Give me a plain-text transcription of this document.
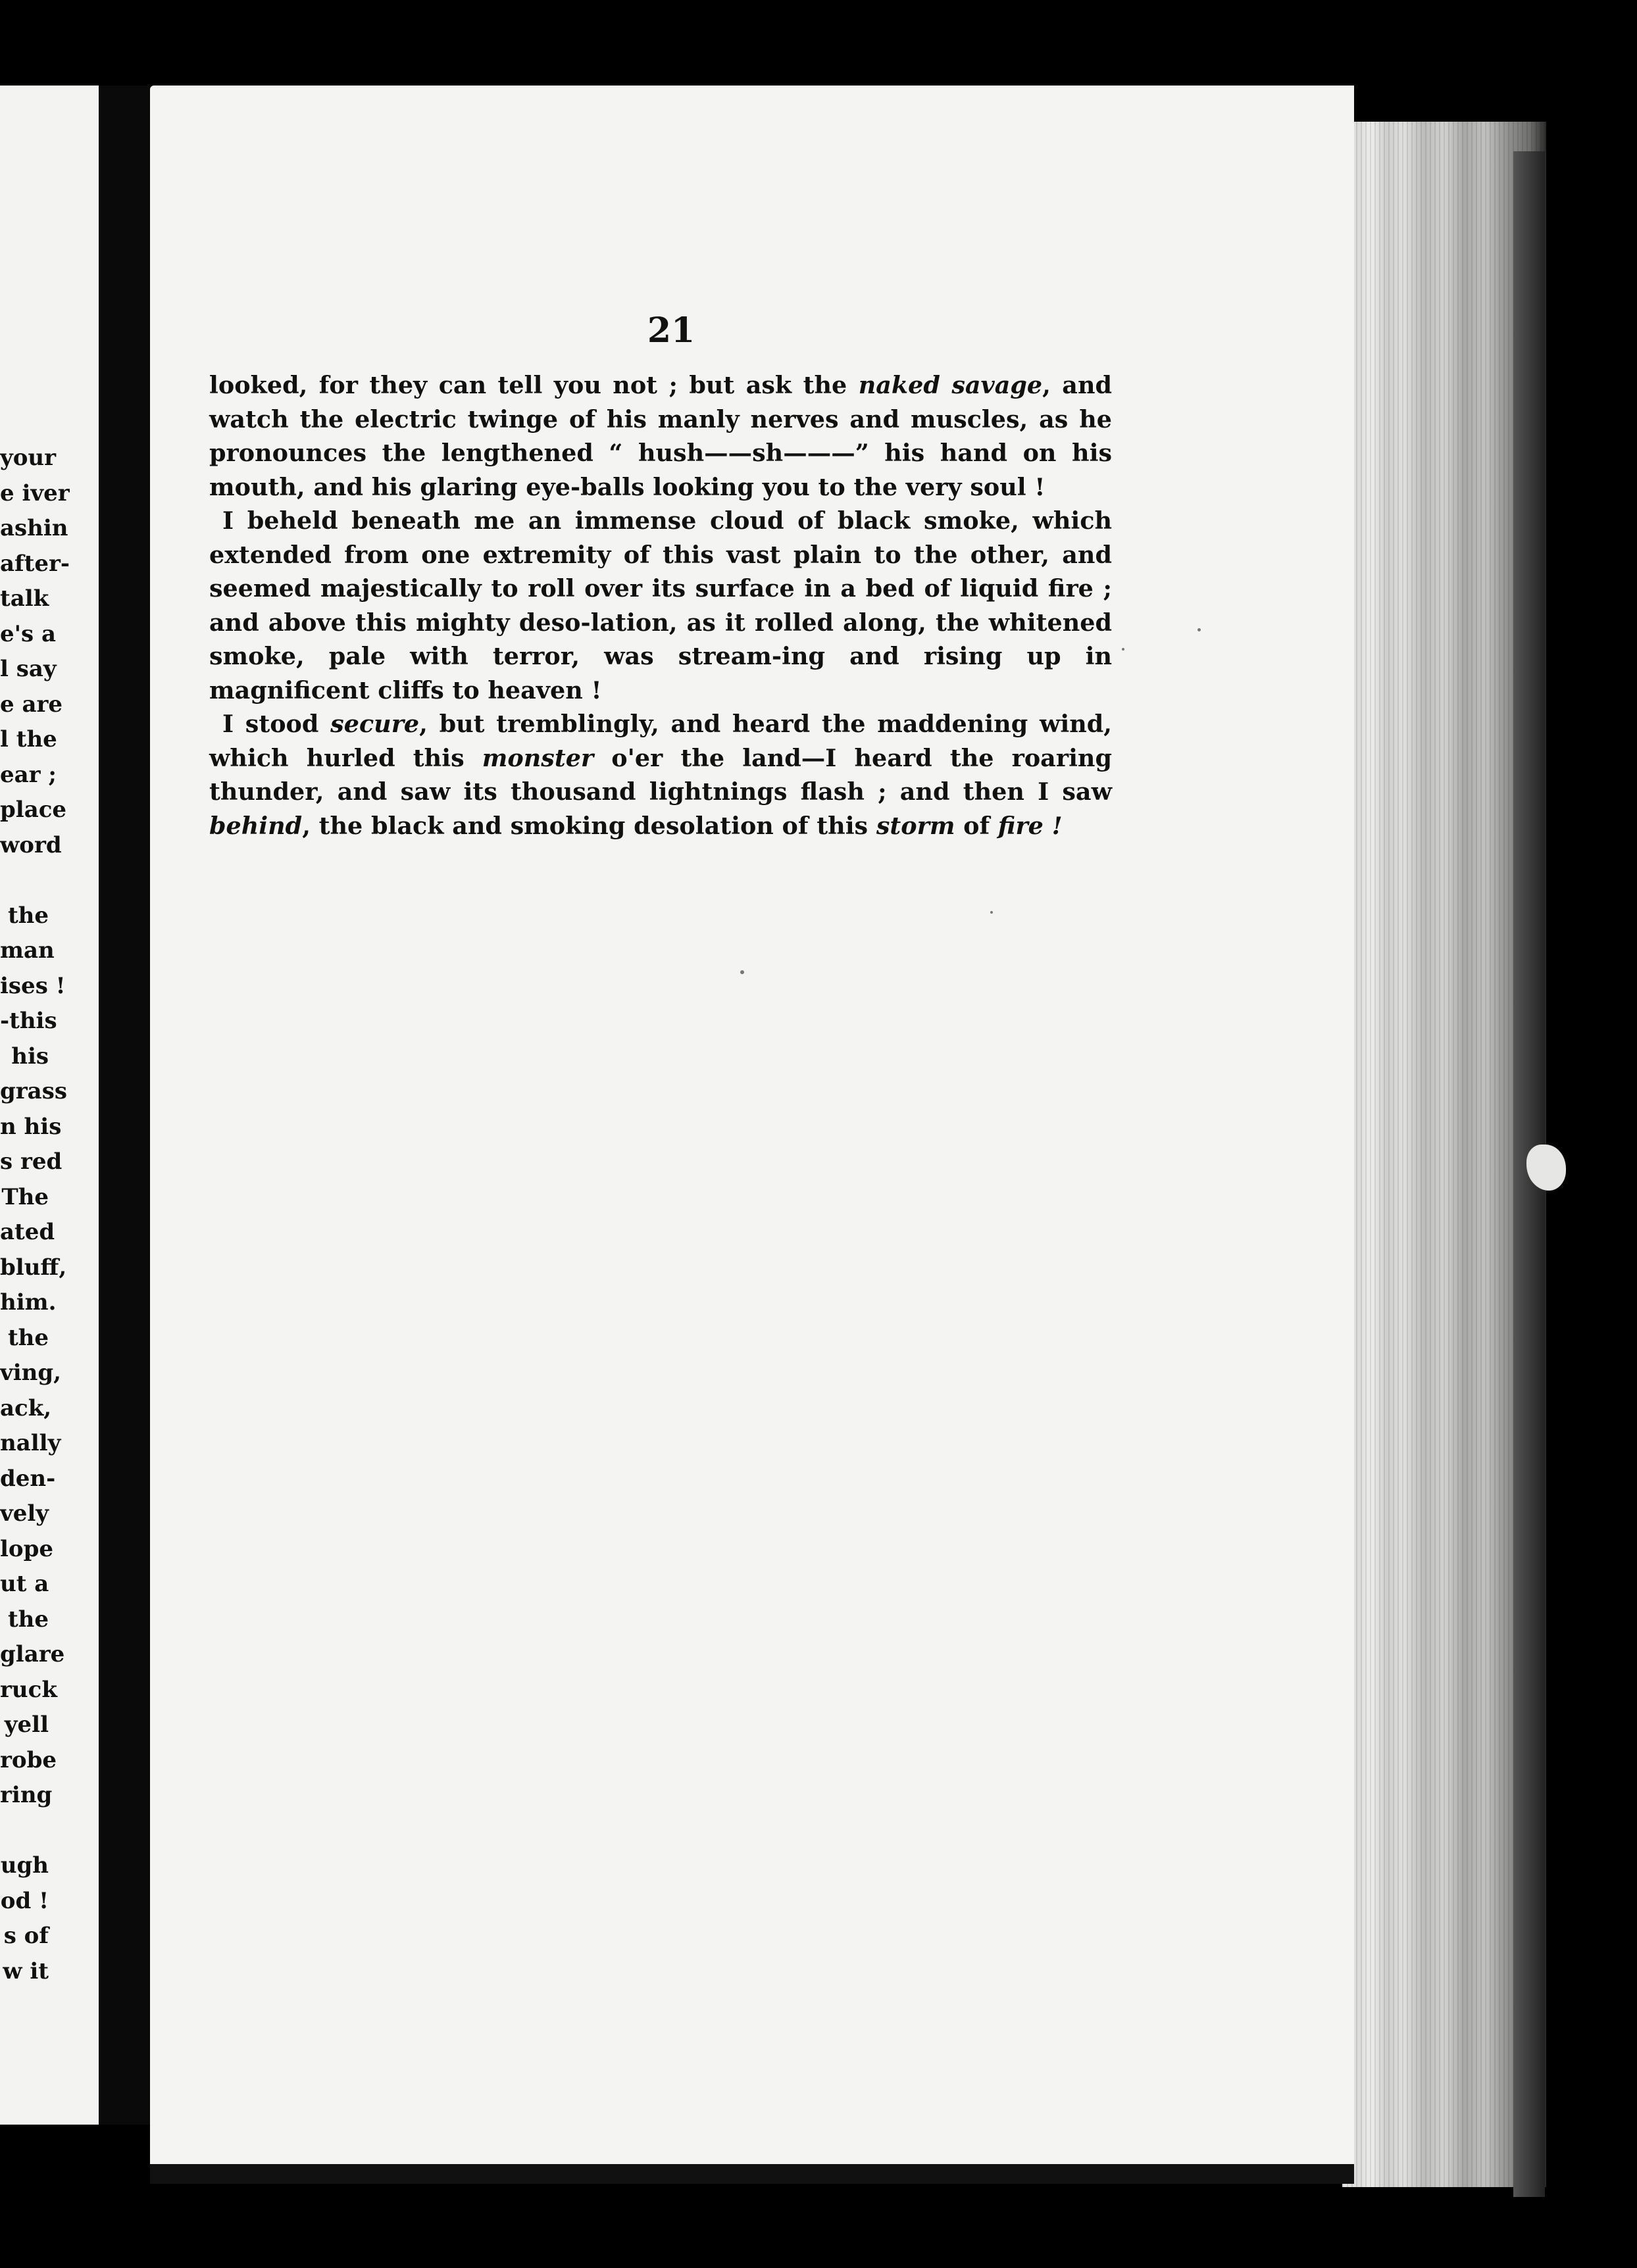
your
e iver
ashin
after-
talk
e's a
l say
e are
l the
ear ;
place
word
the
man
ises !
-this
his
grass
n his
s red
The
ated
bluff,
him.
the
ving,
ack,
nally
den-
vely
lope
ut a
the
glare
ruck
yell
robe
ring
ugh
od !
s of
w it
21

looked, for they can tell you not ; but ask the naked savage, and watch the electric twinge of his manly nerves and muscles, as he pronounces the lengthened “ hush——sh———” his hand on his mouth, and his glaring eye-balls looking you to the very soul !

I beheld beneath me an immense cloud of black smoke, which extended from one extremity of this vast plain to the other, and seemed majestically to roll over its surface in a bed of liquid fire ; and above this mighty deso-lation, as it rolled along, the whitened smoke, pale with terror, was stream-ing and rising up in magnificent cliffs to heaven !

I stood secure, but tremblingly, and heard the maddening wind, which hurled this monster o'er the land—I heard the roaring thunder, and saw its thousand lightnings flash ; and then I saw behind, the black and smoking desolation of this storm of fire !
